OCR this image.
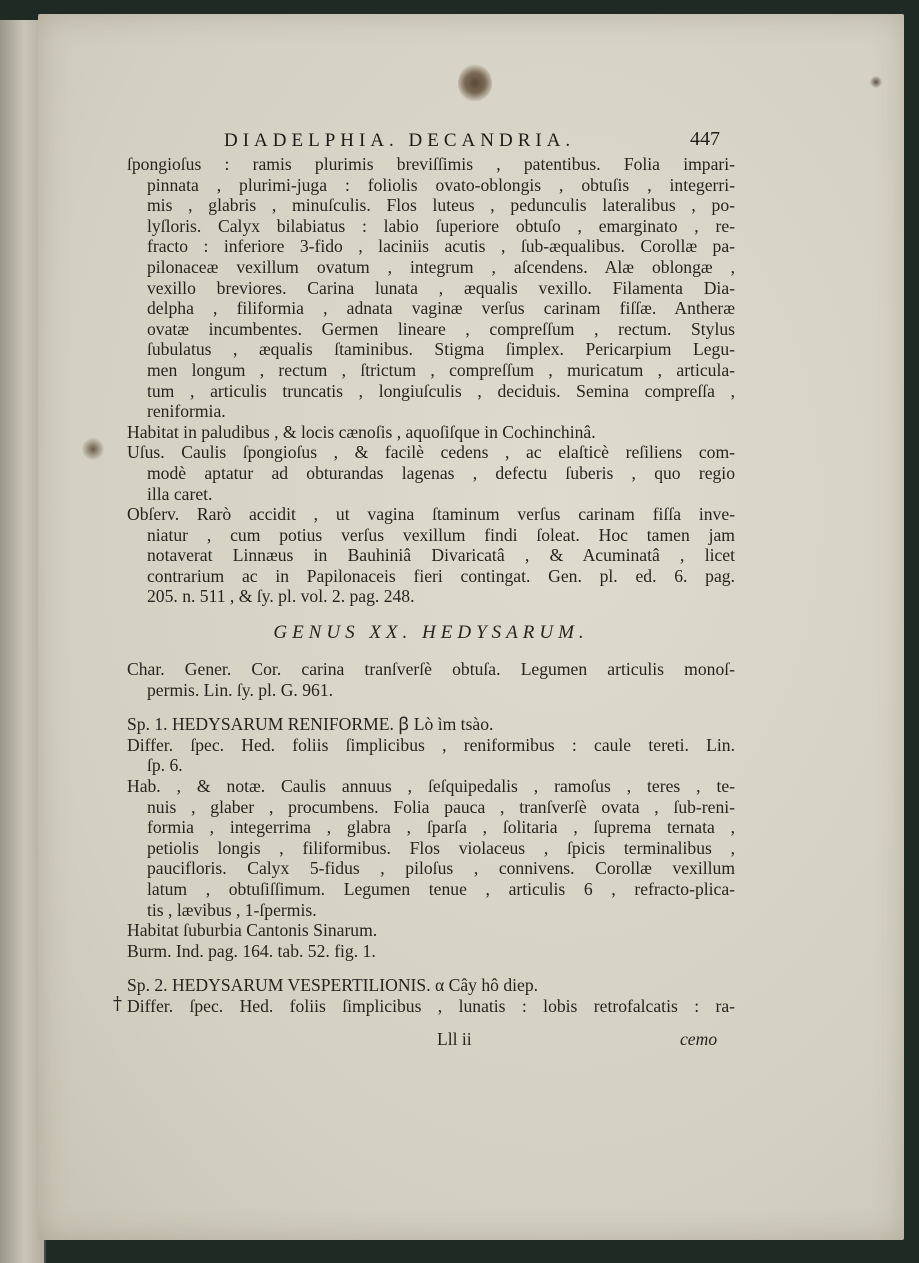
DIADELPHIA. DECANDRIA.	447
ſpongioſus : ramis plurimis breviſſimis , patentibus. Folia impari-
pinnata , plurimi-juga : foliolis ovato-oblongis , obtuſis , integerri-
mis , glabris , minuſculis. Flos luteus , pedunculis lateralibus , po-
lyſloris. Calyx bilabiatus : labio ſuperiore obtuſo , emarginato , re-
fracto : inferiore 3-fido , laciniis acutis , ſub-æqualibus. Corollæ pa-
pilonaceæ vexillum ovatum , integrum , aſcendens. Alæ oblongæ ,
vexillo breviores. Carina lunata , æqualis vexillo. Filamenta Dia-
delpha , filiformia , adnata vaginæ verſus carinam fiſſæ. Antheræ
ovatæ incumbentes. Germen lineare , compreſſum , rectum. Stylus
ſubulatus , æqualis ſtaminibus. Stigma ſimplex. Pericarpium Legu-
men longum , rectum , ſtrictum , compreſſum , muricatum , articula-
tum , articulis truncatis , longiuſculis , deciduis. Semina compreſſa ,
reniformia.
Habitat in paludibus , & locis cænoſis , aquoſiſque in Cochinchinâ.
Uſus. Caulis ſpongioſus , & facilè cedens , ac elaſticè reſiliens com-
modè aptatur ad obturandas lagenas , defectu ſuberis , quo regio
illa caret.
Obſerv. Rarò accidit , ut vagina ſtaminum verſus carinam fiſſa inve-
niatur , cum potius verſus vexillum findi ſoleat. Hoc tamen jam
notaverat Linnæus in Bauhiniâ Divaricatâ , & Acuminatâ , licet
contrarium ac in Papilonaceis fieri contingat. Gen. pl. ed. 6. pag.
205. n. 511 , & ſy. pl. vol. 2. pag. 248.
GENUS XX. HEDYSARUM.
Char. Gener. Cor. carina tranſverſè obtuſa. Legumen articulis monoſ-
permis. Lin. ſy. pl. G. 961.
Sp. 1. HEDYSARUM RENIFORME. ꞵ Lò ìm tsào.
Differ. ſpec. Hed. foliis ſimplicibus , reniformibus : caule tereti. Lin.
ſp. 6.
Hab. , & notæ. Caulis annuus , ſeſquipedalis , ramoſus , teres , te-
nuis , glaber , procumbens. Folia pauca , tranſverſè ovata , ſub-reni-
formia , integerrima , glabra , ſparſa , ſolitaria , ſuprema ternata ,
petiolis longis , filiformibus. Flos violaceus , ſpicis terminalibus ,
paucifloris. Calyx 5-fidus , piloſus , connivens. Corollæ vexillum
latum , obtuſiſſimum. Legumen tenue , articulis 6 , refracto-plica-
tis , lævibus , 1-ſpermis.
Habitat ſuburbia Cantonis Sinarum.
Burm. Ind. pag. 164. tab. 52. fig. 1.
Sp. 2. HEDYSARUM VESPERTILIONIS. α Cây hô diep.
Differ. ſpec. Hed. foliis ſimplicibus , lunatis : lobis retrofalcatis : ra-
†
Lll ii	cemo
